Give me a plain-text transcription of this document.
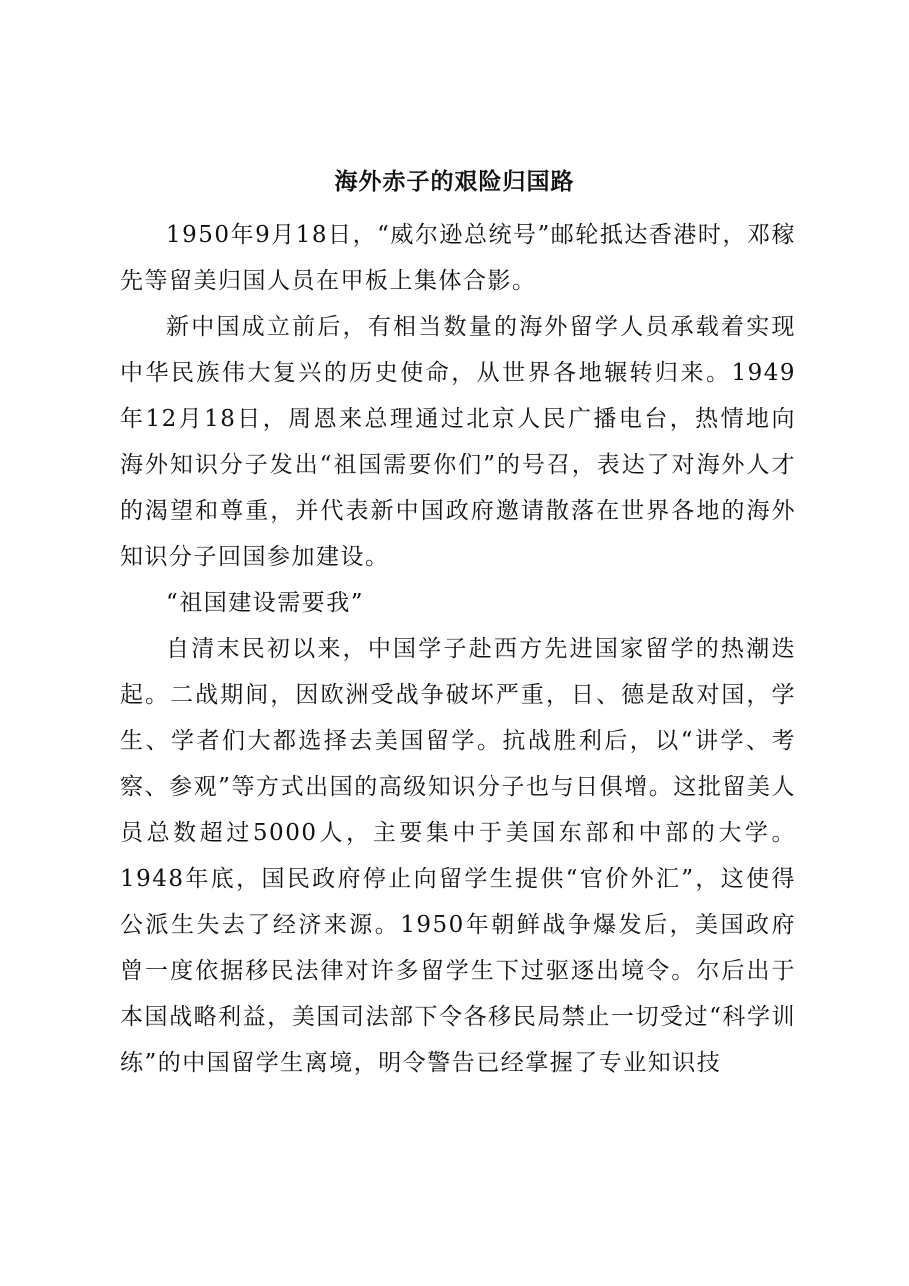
海外赤子的艰险归国路

1950年9月18日，“威尔逊总统号”邮轮抵达香港时，邓稼先等留美归国人员在甲板上集体合影。

新中国成立前后，有相当数量的海外留学人员承载着实现中华民族伟大复兴的历史使命，从世界各地辗转归来。1949年12月18日，周恩来总理通过北京人民广播电台，热情地向海外知识分子发出“祖国需要你们”的号召，表达了对海外人才的渴望和尊重，并代表新中国政府邀请散落在世界各地的海外知识分子回国参加建设。

“祖国建设需要我”

自清末民初以来，中国学子赴西方先进国家留学的热潮迭起。二战期间，因欧洲受战争破坏严重，日、德是敌对国，学生、学者们大都选择去美国留学。抗战胜利后，以“讲学、考察、参观”等方式出国的高级知识分子也与日俱增。这批留美人员总数超过5000人，主要集中于美国东部和中部的大学。1948年底，国民政府停止向留学生提供“官价外汇”，这使得公派生失去了经济来源。1950年朝鲜战争爆发后，美国政府曾一度依据移民法律对许多留学生下过驱逐出境令。尔后出于本国战略利益，美国司法部下令各移民局禁止一切受过“科学训练”的中国留学生离境，明令警告已经掌握了专业知识技
